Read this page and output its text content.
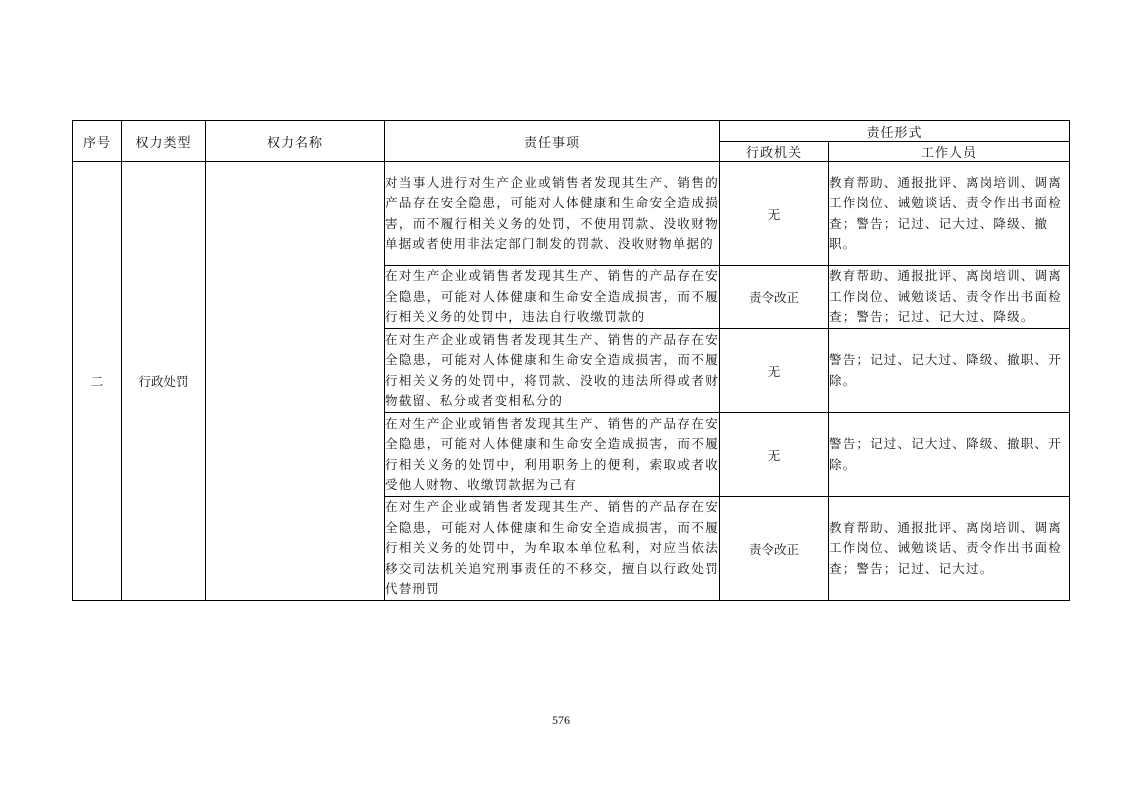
序号	权力类型	权力名称	责任事项	责任形式	
				行政机关	工作人员
二	行政处罚		对当事人进行对生产企业或销售者发现其生产、销售的产品存在安全隐患，可能对人体健康和生命安全造成损害，而不履行相关义务的处罚，不使用罚款、没收财物单据或者使用非法定部门制发的罚款、没收财物单据的	无	教育帮助、通报批评、离岗培训、调离工作岗位、诫勉谈话、责令作出书面检查；警告；记过、记大过、降级、撤职。
			在对生产企业或销售者发现其生产、销售的产品存在安全隐患，可能对人体健康和生命安全造成损害，而不履行相关义务的处罚中，违法自行收缴罚款的	责令改正	教育帮助、通报批评、离岗培训、调离工作岗位、诫勉谈话、责令作出书面检查；警告；记过、记大过、降级。
			在对生产企业或销售者发现其生产、销售的产品存在安全隐患，可能对人体健康和生命安全造成损害，而不履行相关义务的处罚中，将罚款、没收的违法所得或者财物截留、私分或者变相私分的	无	警告；记过、记大过、降级、撤职、开除。
			在对生产企业或销售者发现其生产、销售的产品存在安全隐患，可能对人体健康和生命安全造成损害，而不履行相关义务的处罚中，利用职务上的便利，索取或者收受他人财物、收缴罚款据为己有	无	警告；记过、记大过、降级、撤职、开除。
			在对生产企业或销售者发现其生产、销售的产品存在安全隐患，可能对人体健康和生命安全造成损害，而不履行相关义务的处罚中，为牟取本单位私利，对应当依法移交司法机关追究刑事责任的不移交，擅自以行政处罚代替刑罚	责令改正	教育帮助、通报批评、离岗培训、调离工作岗位、诫勉谈话、责令作出书面检查；警告；记过、记大过。
576
